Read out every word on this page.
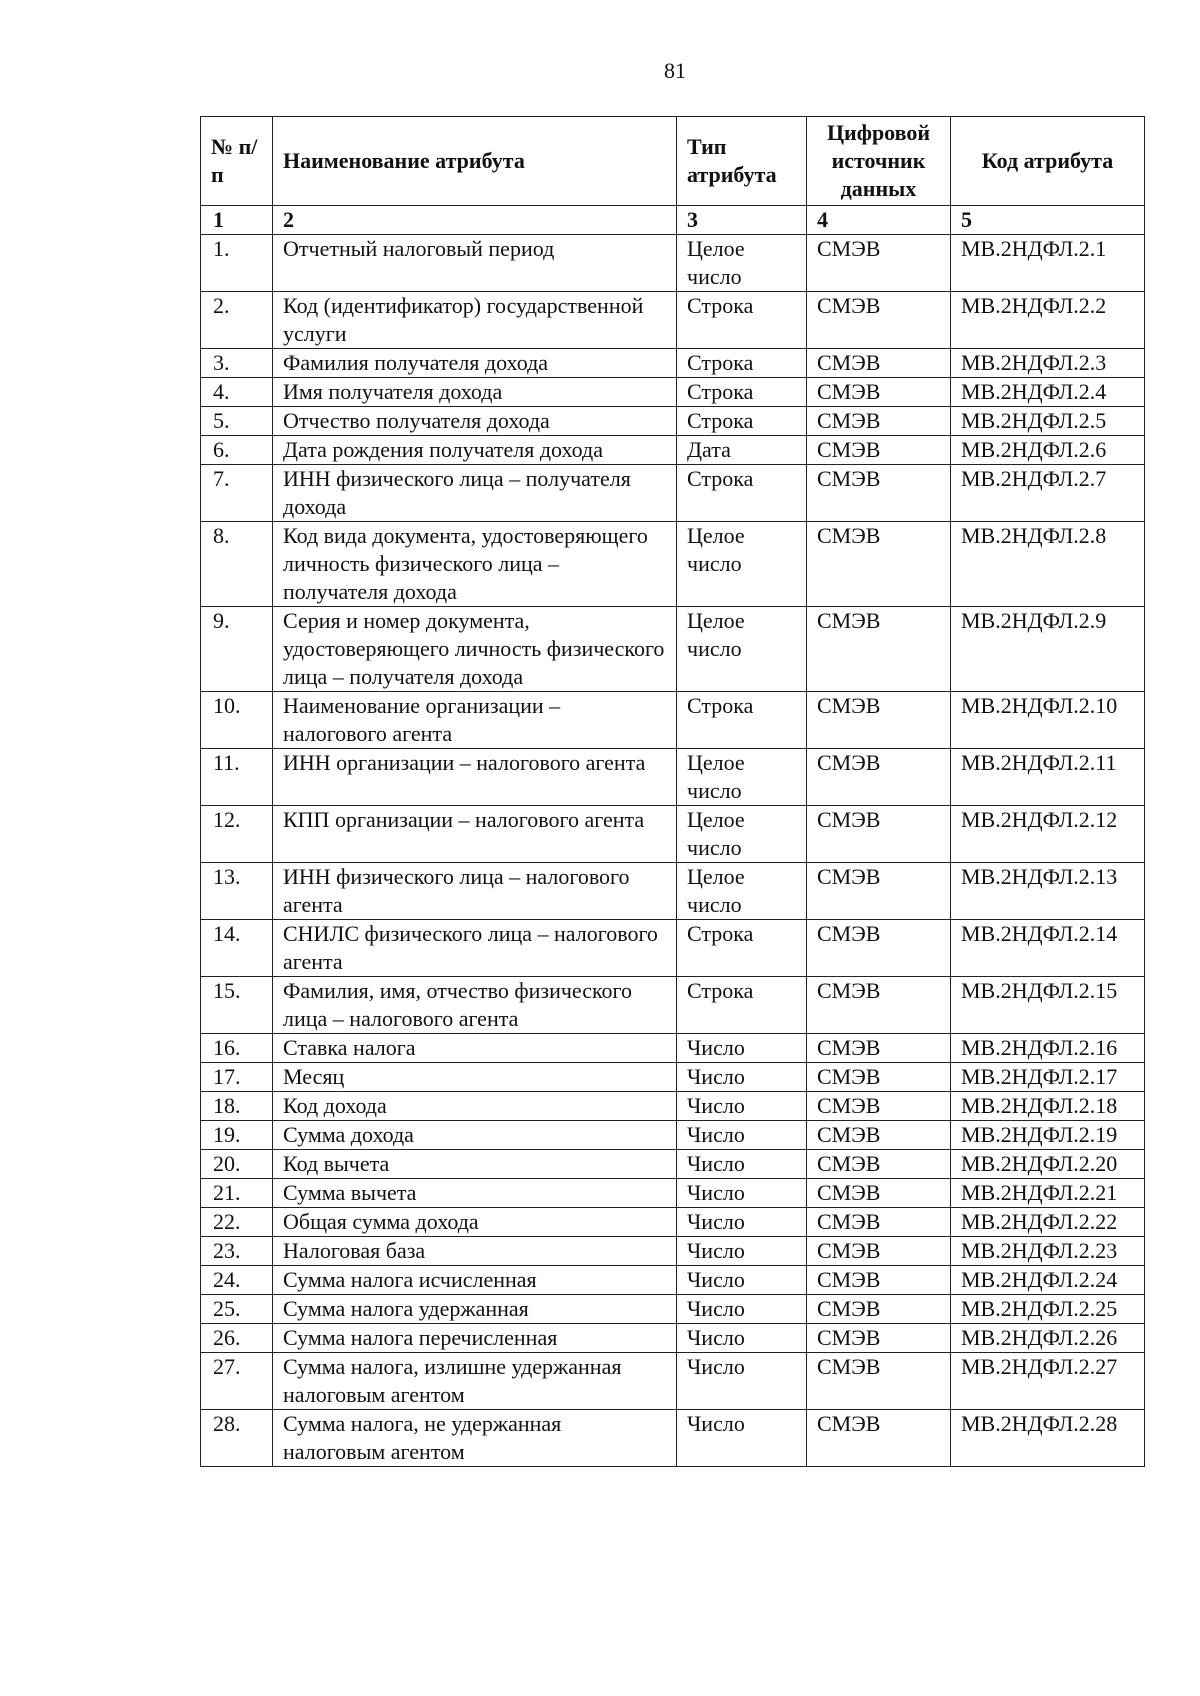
81
№ п/п	Наименование атрибута	Тип атрибута	Цифровой источник данных	Код атрибута
1	2	3	4	5
1.	Отчетный налоговый период	Целое число	СМЭВ	МВ.2НДФЛ.2.1
2.	Код (идентификатор) государственной услуги	Строка	СМЭВ	МВ.2НДФЛ.2.2
3.	Фамилия получателя дохода	Строка	СМЭВ	МВ.2НДФЛ.2.3
4.	Имя получателя дохода	Строка	СМЭВ	МВ.2НДФЛ.2.4
5.	Отчество получателя дохода	Строка	СМЭВ	МВ.2НДФЛ.2.5
6.	Дата рождения получателя дохода	Дата	СМЭВ	МВ.2НДФЛ.2.6
7.	ИНН физического лица – получателя дохода	Строка	СМЭВ	МВ.2НДФЛ.2.7
8.	Код вида документа, удостоверяющего личность физического лица – получателя дохода	Целое число	СМЭВ	МВ.2НДФЛ.2.8
9.	Серия и номер документа, удостоверяющего личность физического лица – получателя дохода	Целое число	СМЭВ	МВ.2НДФЛ.2.9
10.	Наименование организации – налогового агента	Строка	СМЭВ	МВ.2НДФЛ.2.10
11.	ИНН организации – налогового агента	Целое число	СМЭВ	МВ.2НДФЛ.2.11
12.	КПП организации – налогового агента	Целое число	СМЭВ	МВ.2НДФЛ.2.12
13.	ИНН физического лица – налогового агента	Целое число	СМЭВ	МВ.2НДФЛ.2.13
14.	СНИЛС физического лица – налогового агента	Строка	СМЭВ	МВ.2НДФЛ.2.14
15.	Фамилия, имя, отчество физического лица – налогового агента	Строка	СМЭВ	МВ.2НДФЛ.2.15
16.	Ставка налога	Число	СМЭВ	МВ.2НДФЛ.2.16
17.	Месяц	Число	СМЭВ	МВ.2НДФЛ.2.17
18.	Код дохода	Число	СМЭВ	МВ.2НДФЛ.2.18
19.	Сумма дохода	Число	СМЭВ	МВ.2НДФЛ.2.19
20.	Код вычета	Число	СМЭВ	МВ.2НДФЛ.2.20
21.	Сумма вычета	Число	СМЭВ	МВ.2НДФЛ.2.21
22.	Общая сумма дохода	Число	СМЭВ	МВ.2НДФЛ.2.22
23.	Налоговая база	Число	СМЭВ	МВ.2НДФЛ.2.23
24.	Сумма налога исчисленная	Число	СМЭВ	МВ.2НДФЛ.2.24
25.	Сумма налога удержанная	Число	СМЭВ	МВ.2НДФЛ.2.25
26.	Сумма налога перечисленная	Число	СМЭВ	МВ.2НДФЛ.2.26
27.	Сумма налога, излишне удержанная налоговым агентом	Число	СМЭВ	МВ.2НДФЛ.2.27
28.	Сумма налога, не удержанная налоговым агентом	Число	СМЭВ	МВ.2НДФЛ.2.28
